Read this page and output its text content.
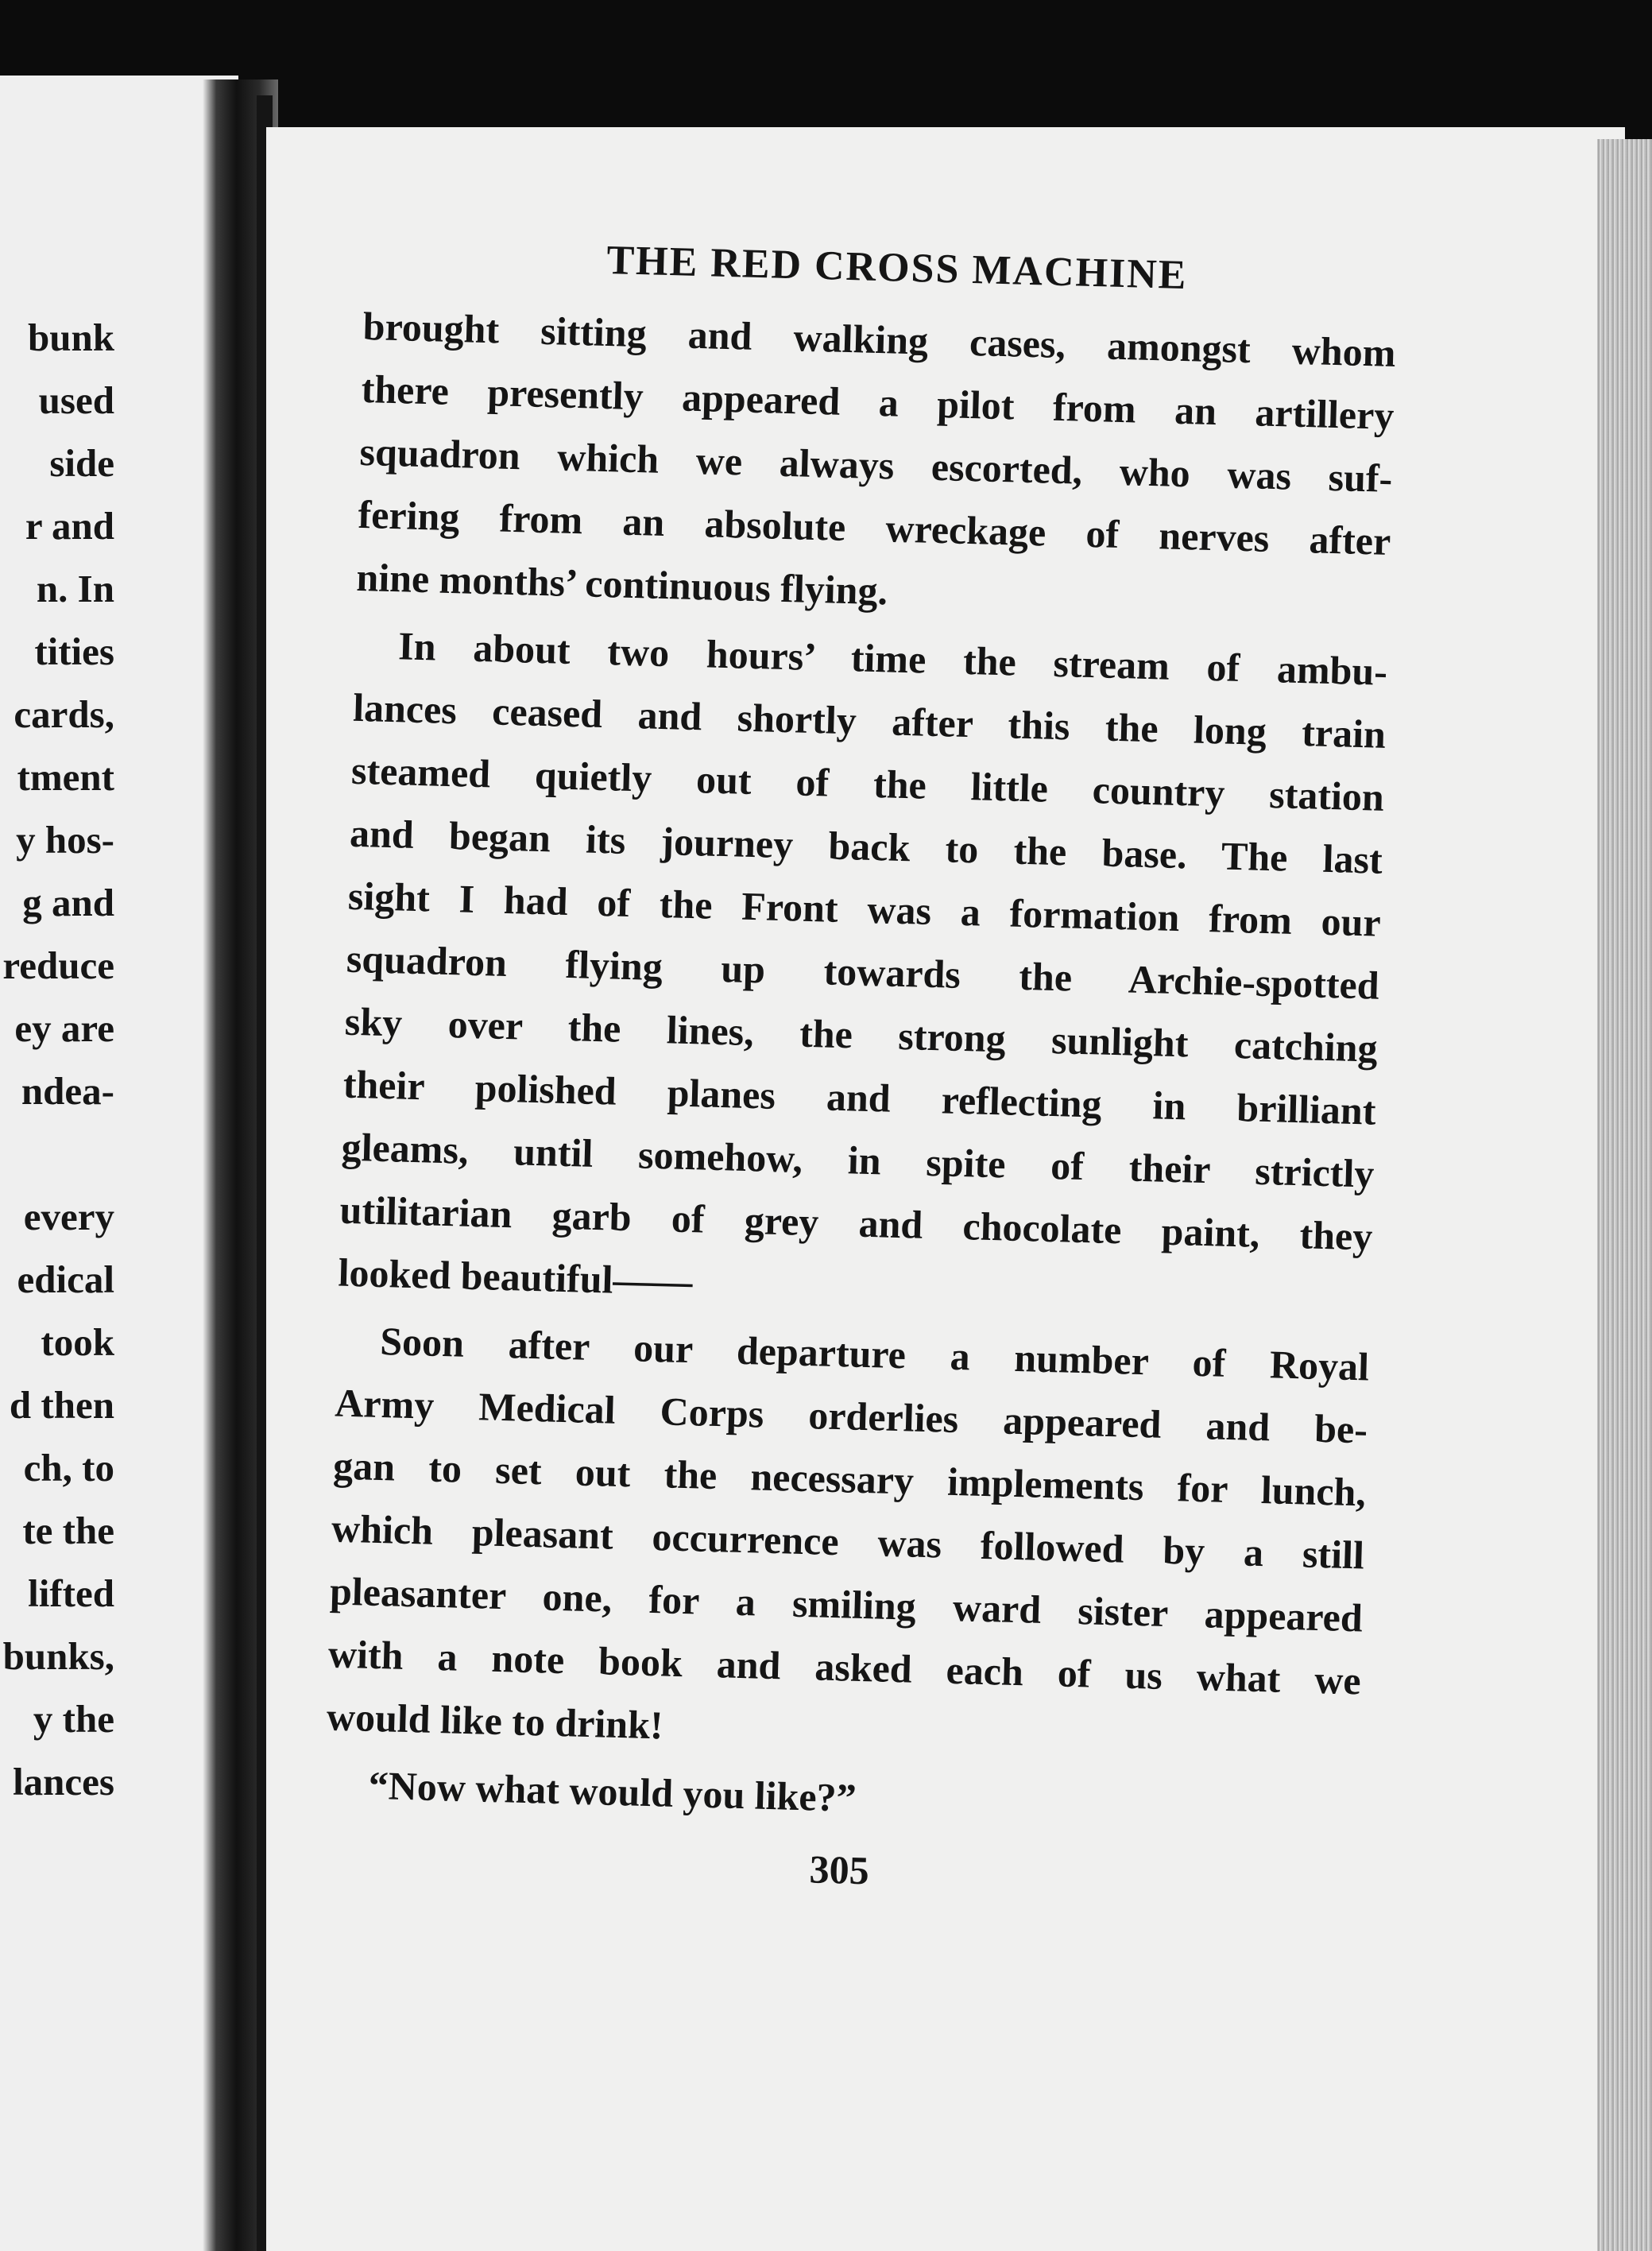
bunk
used
side
r and
n. In
tities
cards,
tment
y hos-
g and
reduce
ey are
ndea-
every
edical
took
d then
ch, to
te the
lifted
bunks,
y the
lances
THE RED CROSS MACHINE
brought sitting and walking cases, amongst whom
there presently appeared a pilot from an artillery
squadron which we always escorted, who was suf-
fering from an absolute wreckage of nerves after
nine months’ continuous flying.
In about two hours’ time the stream of ambu-
lances ceased and shortly after this the long train
steamed quietly out of the little country station
and began its journey back to the base. The last
sight I had of the Front was a formation from our
squadron flying up towards the Archie-spotted
sky over the lines, the strong sunlight catching
their polished planes and reflecting in brilliant
gleams, until somehow, in spite of their strictly
utilitarian garb of grey and chocolate paint, they
looked beautiful——
Soon after our departure a number of Royal
Army Medical Corps orderlies appeared and be-
gan to set out the necessary implements for lunch,
which pleasant occurrence was followed by a still
pleasanter one, for a smiling ward sister appeared
with a note book and asked each of us what we
would like to drink!
“Now what would you like?”
305
